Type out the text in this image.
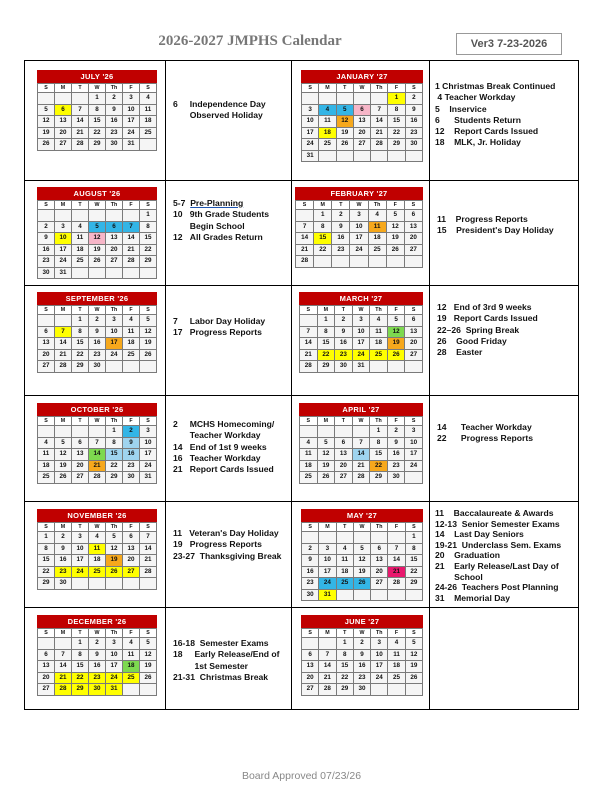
2026-2027 JMPHS Calendar	Ver3 7-23-2026
JULY '26
S	M	T	W	Th	F	S
			1	2	3	4
5	6	7	8	9	10	11
12	13	14	15	16	17	18
19	20	21	22	23	24	25
26	27	28	29	30	31	
AUGUST '26
S	M	T	W	Th	F	S
						1
2	3	4	5	6	7	8
9	10	11	12	13	14	15
16	17	18	19	20	21	22
23	24	25	26	27	28	29
30	31					
SEPTEMBER '26
S	M	T	W	Th	F	S
		1	2	3	4	5
6	7	8	9	10	11	12
13	14	15	16	17	18	19
20	21	22	23	24	25	26
27	28	29	30			
OCTOBER '26
S	M	T	W	Th	F	S
				1	2	3
4	5	6	7	8	9	10
11	12	13	14	15	16	17
18	19	20	21	22	23	24
25	26	27	28	29	30	31
NOVEMBER '26
S	M	T	W	Th	F	S
1	2	3	4	5	6	7
8	9	10	11	12	13	14
15	16	17	18	19	20	21
22	23	24	25	26	27	28
29	30					
DECEMBER '26
S	M	T	W	Th	F	S
		1	2	3	4	5
6	7	8	9	10	11	12
13	14	15	16	17	18	19
20	21	22	23	24	25	26
27	28	29	30	31		
6 Independence Day
Observed Holiday
5-7 Pre-Planning
10 9th Grade Students
Begin School
12 All Grades Return
7 Labor Day Holiday
17 Progress Reports
2 MCHS Homecoming/
Teacher Workday
14 End of 1st 9 weeks
16 Teacher Workday
21 Report Cards Issued
11 Veteran's Day Holiday
19 Progress Reports
23-27 Thanksgiving Break
16-18 Semester Exams
18 Early Release/End of
1st Semester
21-31 Christmas Break
JANUARY '27
S	M	T	W	Th	F	S
					1	2
3	4	5	6	7	8	9
10	11	12	13	14	15	16
17	18	19	20	21	22	23
24	25	26	27	28	29	30
31						
FEBRUARY '27
S	M	T	W	Th	F	S
	1	2	3	4	5	6
7	8	9	10	11	12	13
14	15	16	17	18	19	20
21	22	23	24	25	26	27
28						
MARCH '27
S	M	T	W	Th	F	S
	1	2	3	4	5	6
7	8	9	10	11	12	13
14	15	16	17	18	19	20
21	22	23	24	25	26	27
28	29	30	31			
APRIL '27
S	M	T	W	Th	F	S
				1	2	3
4	5	6	7	8	9	10
11	12	13	14	15	16	17
18	19	20	21	22	23	24
25	26	27	28	29	30	
MAY '27
S	M	T	W	Th	F	S
						1
2	3	4	5	6	7	8
9	10	11	12	13	14	15
16	17	18	19	20	21	22
23	24	25	26	27	28	29
30	31					
JUNE '27
S	M	T	W	Th	F	S
		1	2	3	4	5
6	7	8	9	10	11	12
13	14	15	16	17	18	19
20	21	22	23	24	25	26
27	28	29	30			
1 Christmas Break Continued
4 Teacher Workday
5 Inservice
6 Students Return
12 Report Cards Issued
18 MLK, Jr. Holiday
11 Progress Reports
15 President's Day Holiday
12 End of 3rd 9 weeks
19 Report Cards Issued
22–26 Spring Break
26 Good Friday
28 Easter
14 Teacher Workday
22 Progress Reports
11 Baccalaureate & Awards
12-13 Senior Semester Exams
14 Last Day Seniors
19-21 Underclass Sem. Exams
20 Graduation
21 Early Release/Last Day of
School
24-26 Teachers Post Planning
31 Memorial Day
Board Approved 07/23/26
